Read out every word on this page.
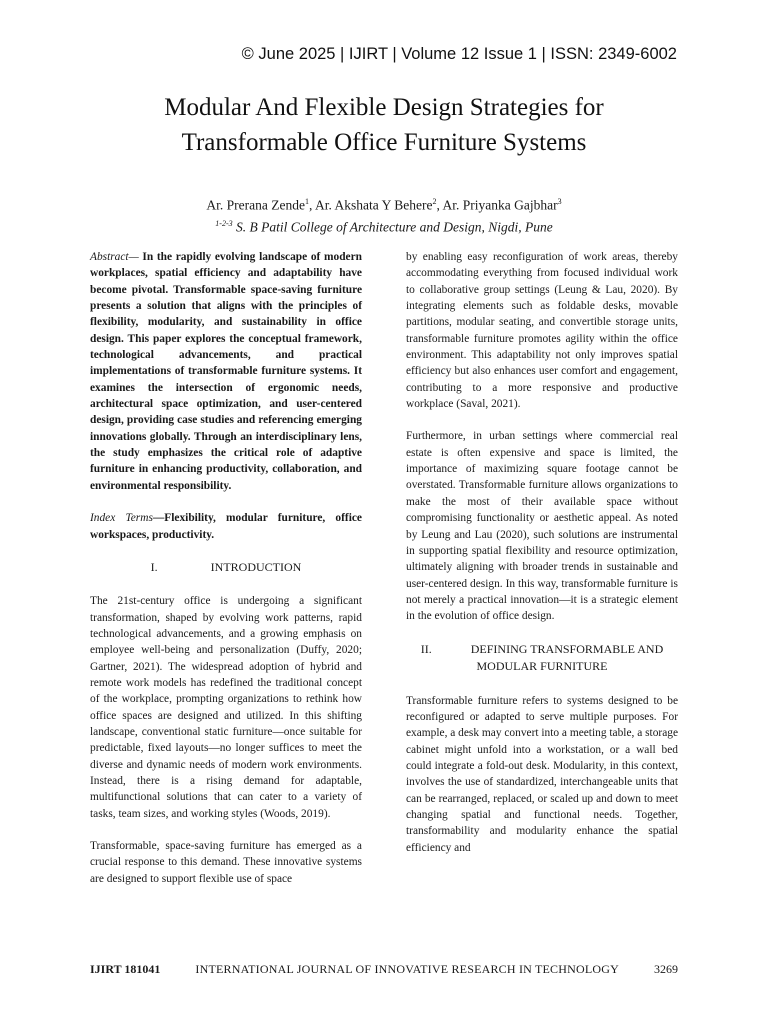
© June 2025 | IJIRT | Volume 12 Issue 1 | ISSN: 2349-6002
Modular And Flexible Design Strategies for
Transformable Office Furniture Systems
Ar. Prerana Zende$^1$, Ar. Akshata Y Behere$^2$, Ar. Priyanka Gajbhar$^3$
$^{1-2-3}$ S. B Patil College of Architecture and Design, Nigdi, Pune

Abstract— In the rapidly evolving landscape of modern workplaces, spatial efficiency and adaptability have become pivotal. Transformable space-saving furniture presents a solution that aligns with the principles of flexibility, modularity, and sustainability in office design. This paper explores the conceptual framework, technological advancements, and practical implementations of transformable furniture systems. It examines the intersection of ergonomic needs, architectural space optimization, and user-centered design, providing case studies and referencing emerging innovations globally. Through an interdisciplinary lens, the study emphasizes the critical role of adaptive furniture in enhancing productivity, collaboration, and environmental responsibility.

Index Terms—Flexibility, modular furniture, office workspaces, productivity.

I.	INTRODUCTION

The 21st-century office is undergoing a significant transformation, shaped by evolving work patterns, rapid technological advancements, and a growing emphasis on employee well-being and personalization (Duffy, 2020; Gartner, 2021). The widespread adoption of hybrid and remote work models has redefined the traditional concept of the workplace, prompting organizations to rethink how office spaces are designed and utilized. In this shifting landscape, conventional static furniture—once suitable for predictable, fixed layouts—no longer suffices to meet the diverse and dynamic needs of modern work environments. Instead, there is a rising demand for adaptable, multifunctional solutions that can cater to a variety of tasks, team sizes, and working styles (Woods, 2019).

Transformable, space-saving furniture has emerged as a crucial response to this demand. These innovative systems are designed to support flexible use of space

by enabling easy reconfiguration of work areas, thereby accommodating everything from focused individual work to collaborative group settings (Leung & Lau, 2020). By integrating elements such as foldable desks, movable partitions, modular seating, and convertible storage units, transformable furniture promotes agility within the office environment. This adaptability not only improves spatial efficiency but also enhances user comfort and engagement, contributing to a more responsive and productive workplace (Saval, 2021).

Furthermore, in urban settings where commercial real estate is often expensive and space is limited, the importance of maximizing square footage cannot be overstated. Transformable furniture allows organizations to make the most of their available space without compromising functionality or aesthetic appeal. As noted by Leung and Lau (2020), such solutions are instrumental in supporting spatial flexibility and resource optimization, ultimately aligning with broader trends in sustainable and user-centered design. In this way, transformable furniture is not merely a practical innovation—it is a strategic element in the evolution of office design.

II.	DEFINING TRANSFORMABLE AND
MODULAR FURNITURE

Transformable furniture refers to systems designed to be reconfigured or adapted to serve multiple purposes. For example, a desk may convert into a meeting table, a storage cabinet might unfold into a workstation, or a wall bed could integrate a fold-out desk. Modularity, in this context, involves the use of standardized, interchangeable units that can be rearranged, replaced, or scaled up and down to meet changing spatial and functional needs. Together, transformability and modularity enhance the spatial efficiency and

IJIRT 181041	INTERNATIONAL JOURNAL OF INNOVATIVE RESEARCH IN TECHNOLOGY	3269
